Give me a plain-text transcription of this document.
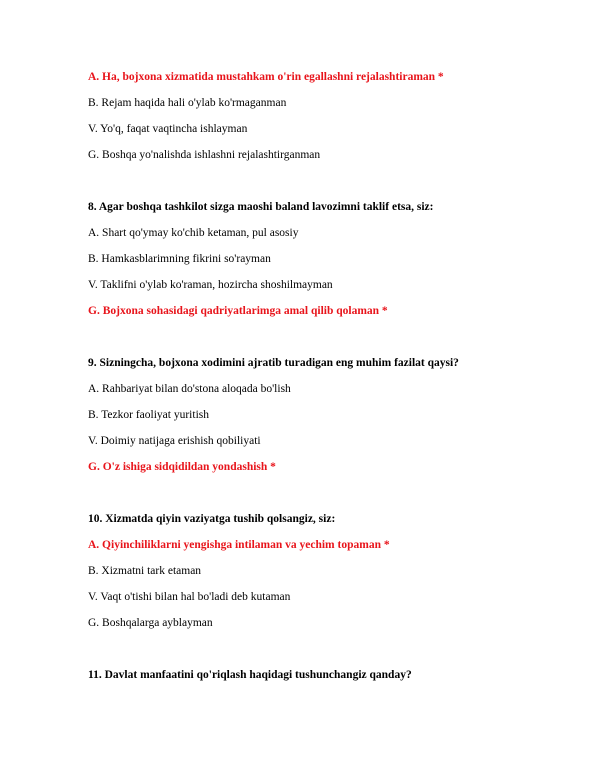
A. Ha, bojxona xizmatida mustahkam o'rin egallashni rejalashtiraman *
B. Rejam haqida hali o'ylab ko'rmaganman
V. Yo'q, faqat vaqtincha ishlayman
G. Boshqa yo'nalishda ishlashni rejalashtirganman
8. Agar boshqa tashkilot sizga maoshi baland lavozimni taklif etsa, siz:
A. Shart qo'ymay ko'chib ketaman, pul asosiy
B. Hamkasblarimning fikrini so'rayman
V. Taklifni o'ylab ko'raman, hozircha shoshilmayman
G. Bojxona sohasidagi qadriyatlarimga amal qilib qolaman *
9. Sizningcha, bojxona xodimini ajratib turadigan eng muhim fazilat qaysi?
A. Rahbariyat bilan do'stona aloqada bo'lish
B. Tezkor faoliyat yuritish
V. Doimiy natijaga erishish qobiliyati
G. O'z ishiga sidqidildan yondashish *
10. Xizmatda qiyin vaziyatga tushib qolsangiz, siz:
A. Qiyinchiliklarni yengishga intilaman va yechim topaman *
B. Xizmatni tark etaman
V. Vaqt o'tishi bilan hal bo'ladi deb kutaman
G. Boshqalarga ayblayman
11. Davlat manfaatini qo'riqlash haqidagi tushunchangiz qanday?
